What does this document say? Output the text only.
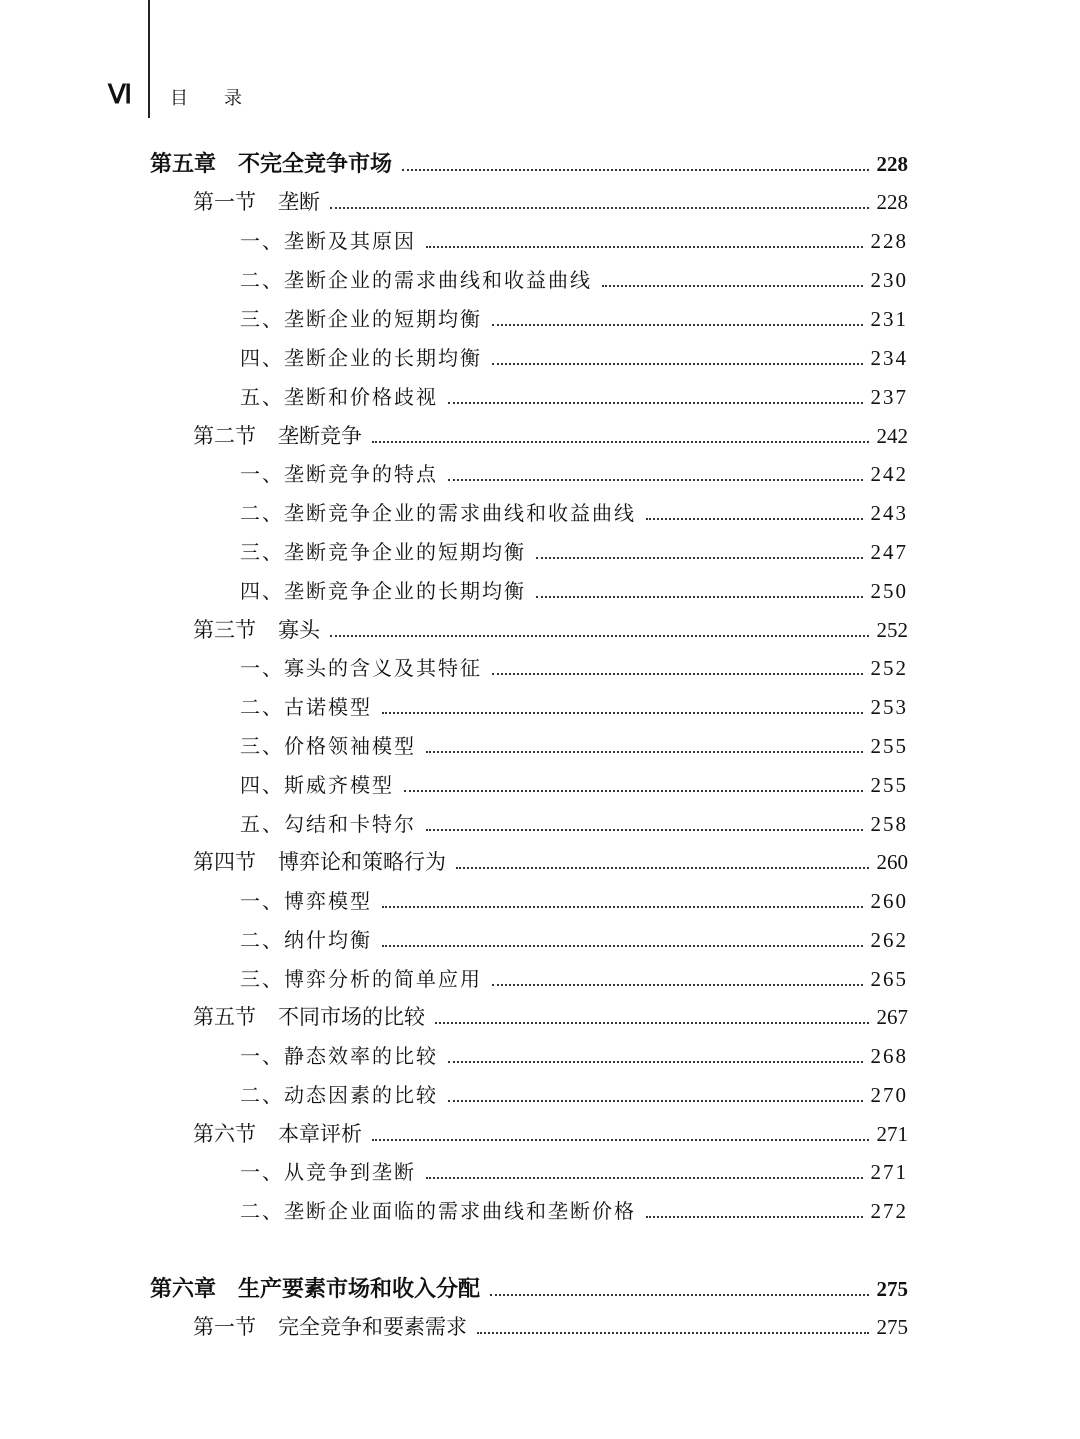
Ⅵ 目录
第五章 不完全竞争市场	228
第一节 垄断	228
一、垄断及其原因	228
二、垄断企业的需求曲线和收益曲线	230
三、垄断企业的短期均衡	231
四、垄断企业的长期均衡	234
五、垄断和价格歧视	237
第二节 垄断竞争	242
一、垄断竞争的特点	242
二、垄断竞争企业的需求曲线和收益曲线	243
三、垄断竞争企业的短期均衡	247
四、垄断竞争企业的长期均衡	250
第三节 寡头	252
一、寡头的含义及其特征	252
二、古诺模型	253
三、价格领袖模型	255
四、斯威齐模型	255
五、勾结和卡特尔	258
第四节 博弈论和策略行为	260
一、博弈模型	260
二、纳什均衡	262
三、博弈分析的简单应用	265
第五节 不同市场的比较	267
一、静态效率的比较	268
二、动态因素的比较	270
第六节 本章评析	271
一、从竞争到垄断	271
二、垄断企业面临的需求曲线和垄断价格	272
第六章 生产要素市场和收入分配	275
第一节 完全竞争和要素需求	275
